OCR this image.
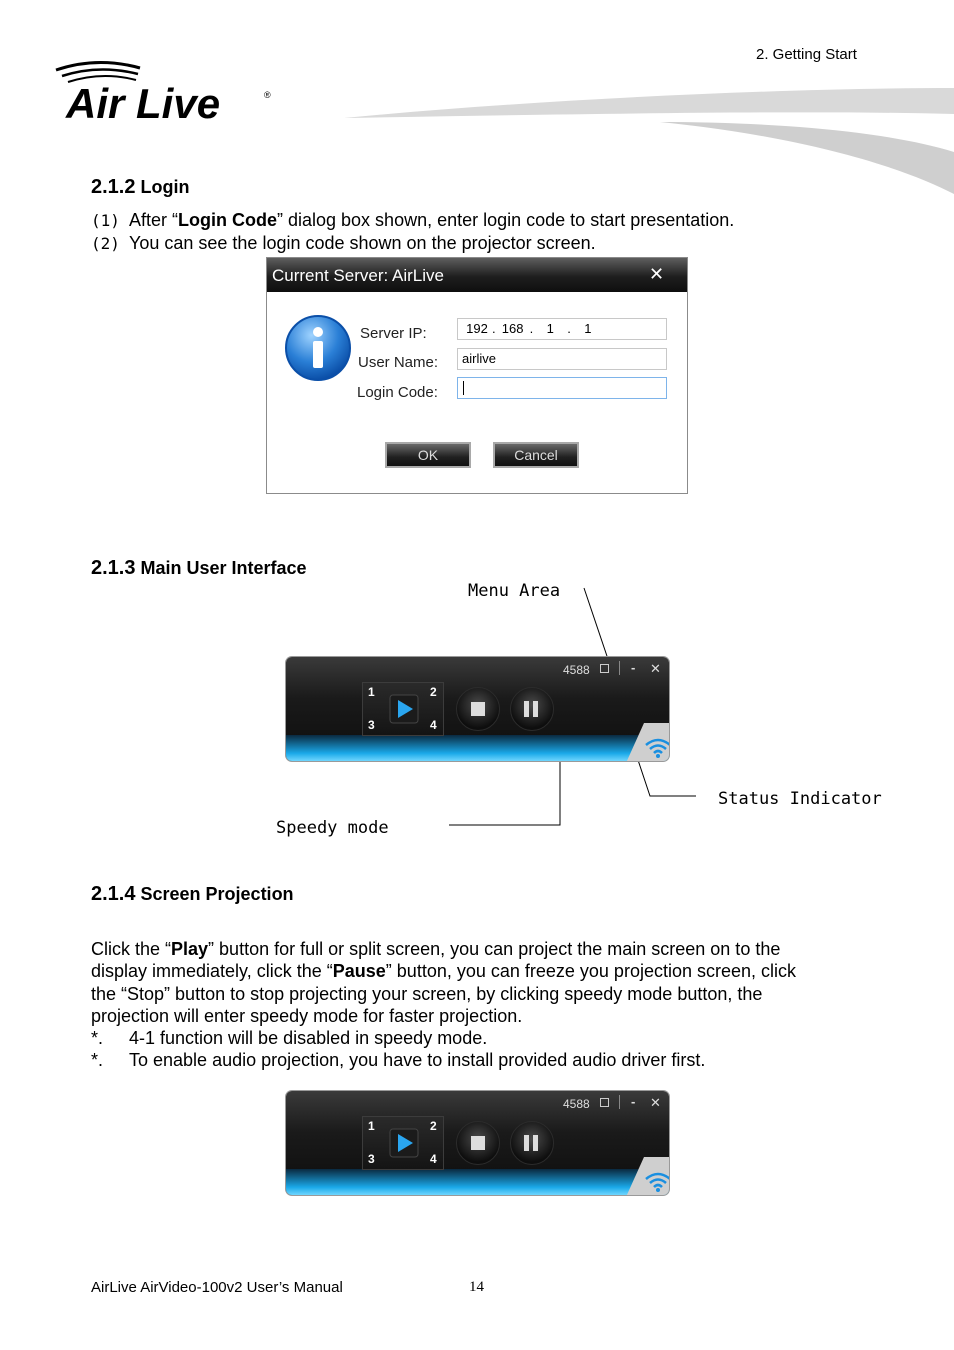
2. Getting Start
Air Live	®
2.1.2 Login
(1) After “Login Code” dialog box shown, enter login code to start presentation.
(2) You can see the login code shown on the projector screen.
Current Server: AirLive	✕
Server IP:	192 . 168 . 1 . 1
User Name:	airlive
Login Code:
OK	Cancel
2.1.3 Main User Interface
Menu Area
Status Indicator
Speedy mode
4588	- ✕
1	2
3	4
2.1.4 Screen Projection
Click the “Play” button for full or split screen, you can project the main screen on to the
display immediately, click the “Pause” button, you can freeze you projection screen, click
the “Stop” button to stop projecting your screen, by clicking speedy mode button, the
projection will enter speedy mode for faster projection.
*. 4-1 function will be disabled in speedy mode.
*. To enable audio projection, you have to install provided audio driver first.
4588	- ✕
1	2
3	4
AirLive AirVideo-100v2 User’s Manual	14
